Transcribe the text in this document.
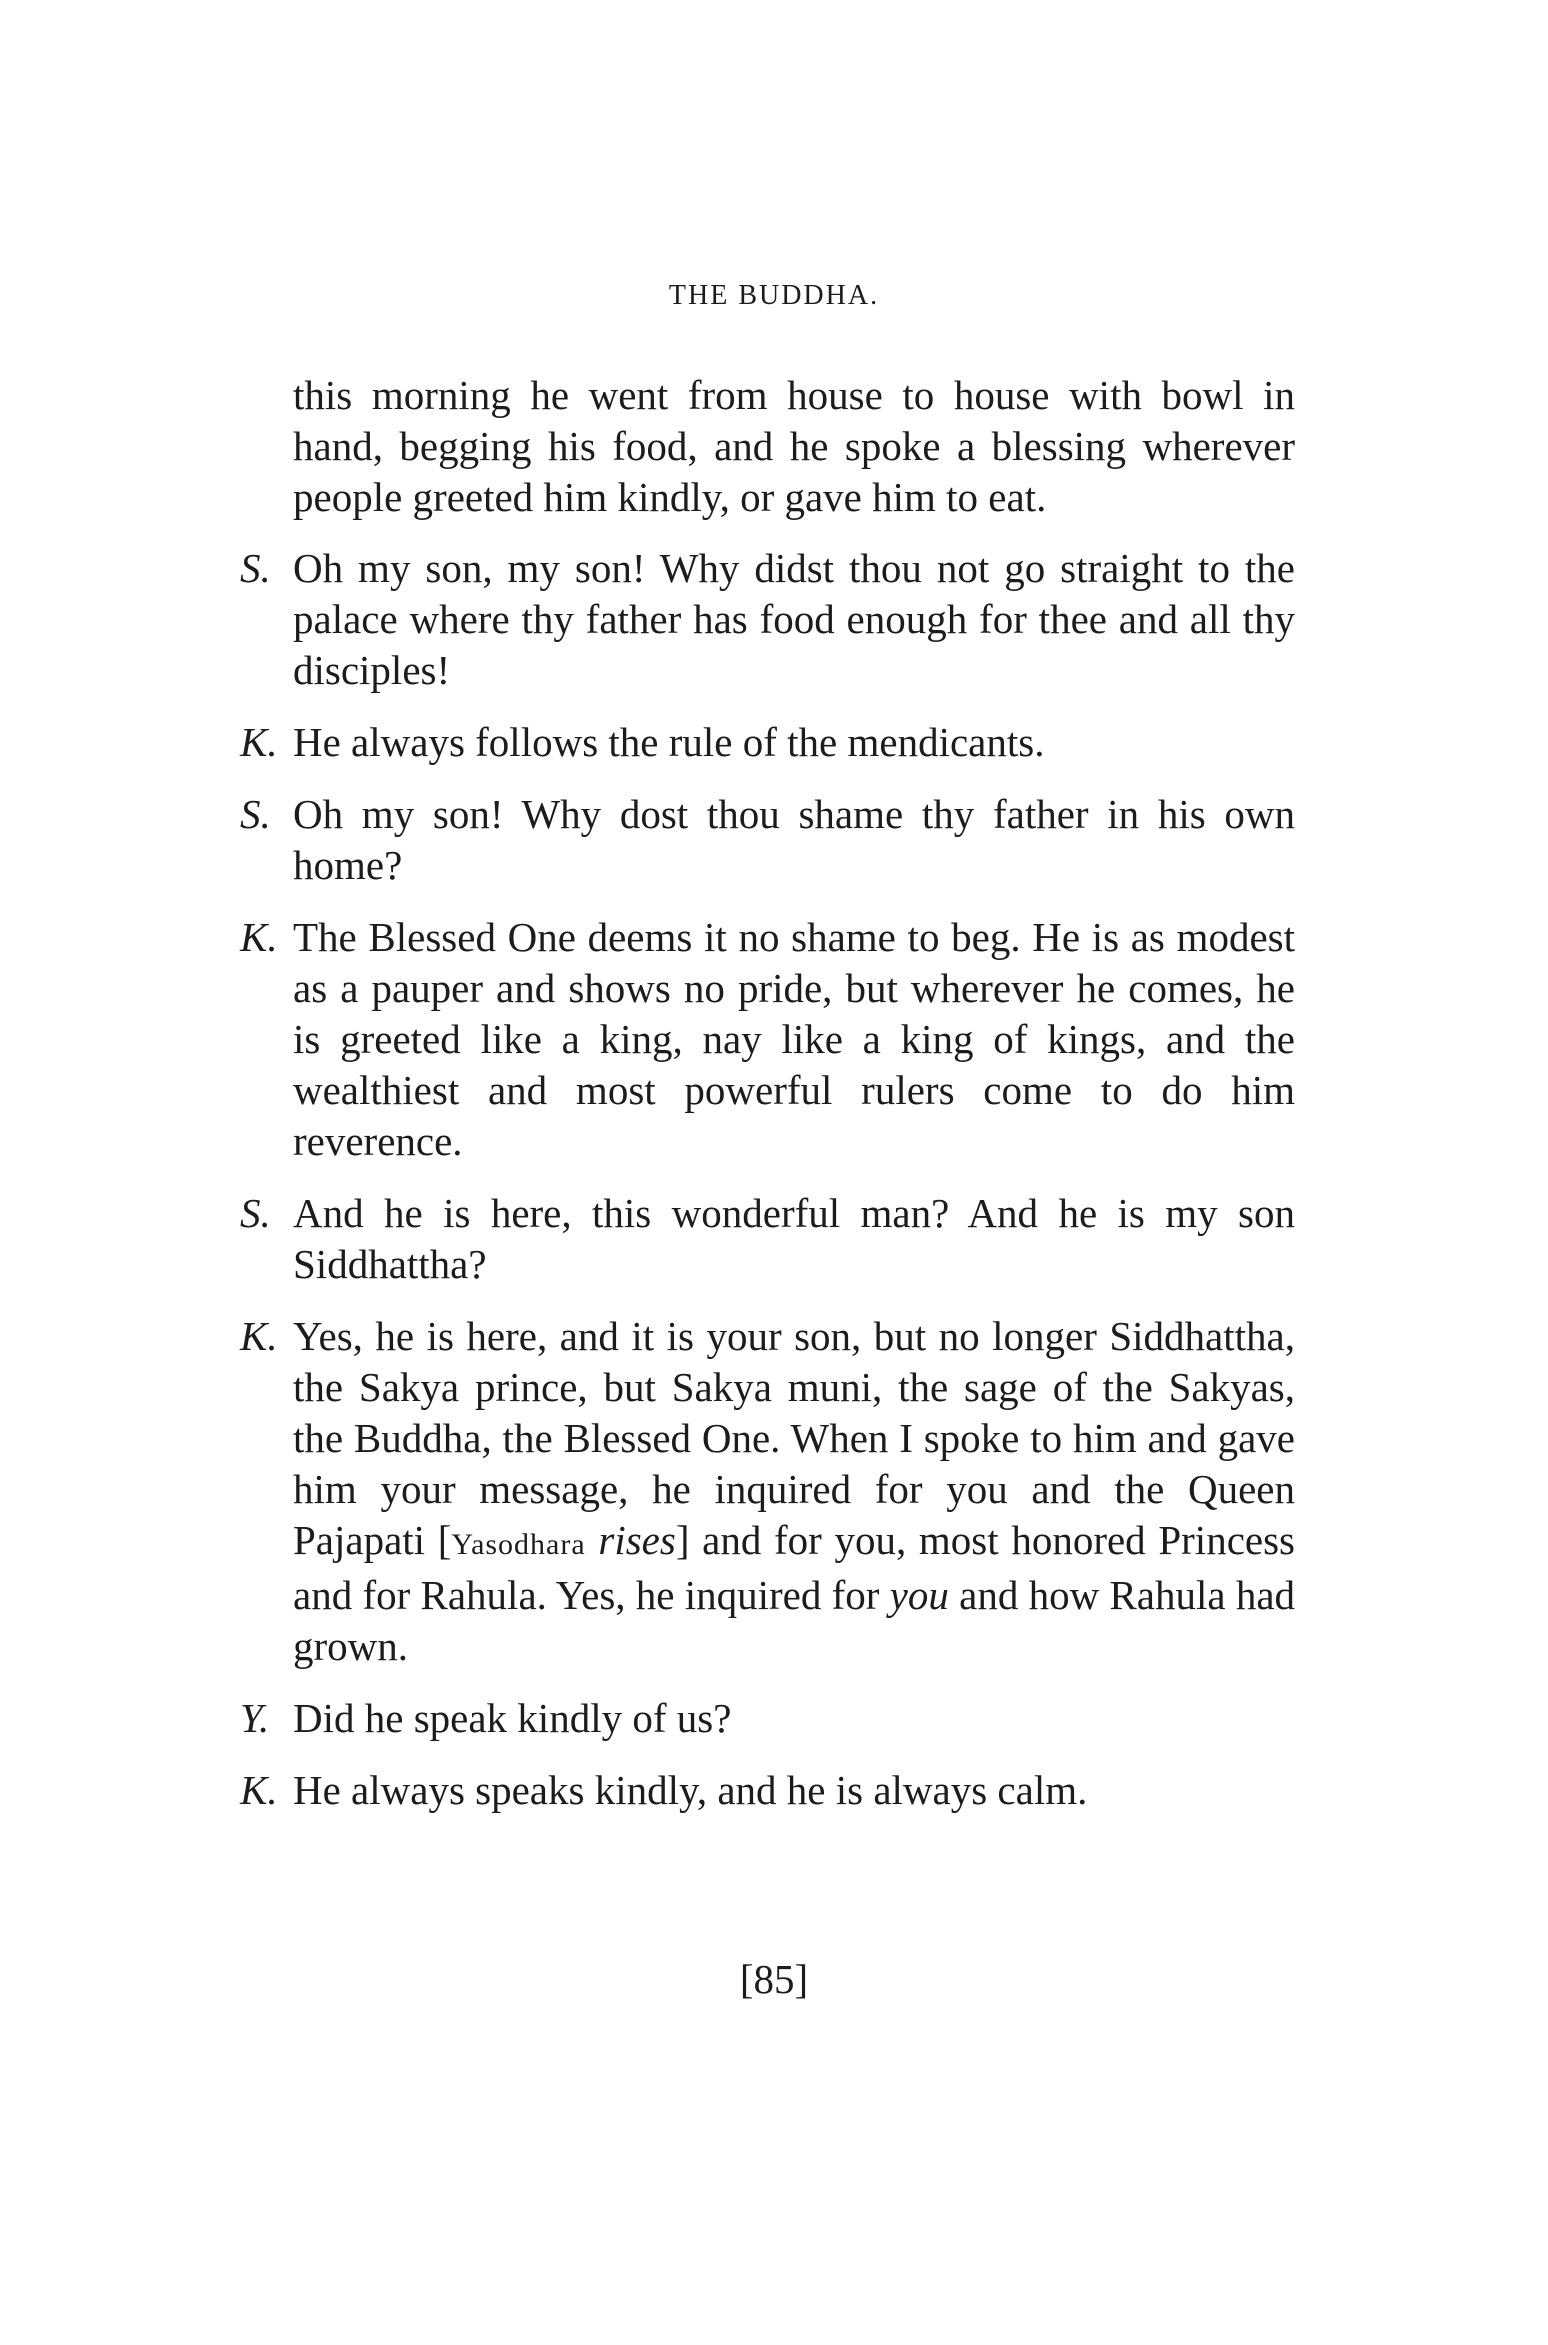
THE BUDDHA.

this morning he went from house to house with bowl in hand, begging his food, and he spoke a blessing wherever people greeted him kindly, or gave him to eat.

S. Oh my son, my son! Why didst thou not go straight to the palace where thy father has food enough for thee and all thy disciples!
K. He always follows the rule of the mendicants.
S. Oh my son! Why dost thou shame thy father in his own home?
K. The Blessed One deems it no shame to beg. He is as modest as a pauper and shows no pride, but wherever he comes, he is greeted like a king, nay like a king of kings, and the wealthiest and most powerful rulers come to do him reverence.
S. And he is here, this wonderful man? And he is my son Siddhattha?
K. Yes, he is here, and it is your son, but no longer Siddhattha, the Sakya prince, but Sakya muni, the sage of the Sakyas, the Buddha, the Blessed One. When I spoke to him and gave him your message, he inquired for you and the Queen Pajapati [Yasodhara rises] and for you, most honored Princess and for Rahula. Yes, he inquired for you and how Rahula had grown.
Y. Did he speak kindly of us?
K. He always speaks kindly, and he is always calm.
[85]
